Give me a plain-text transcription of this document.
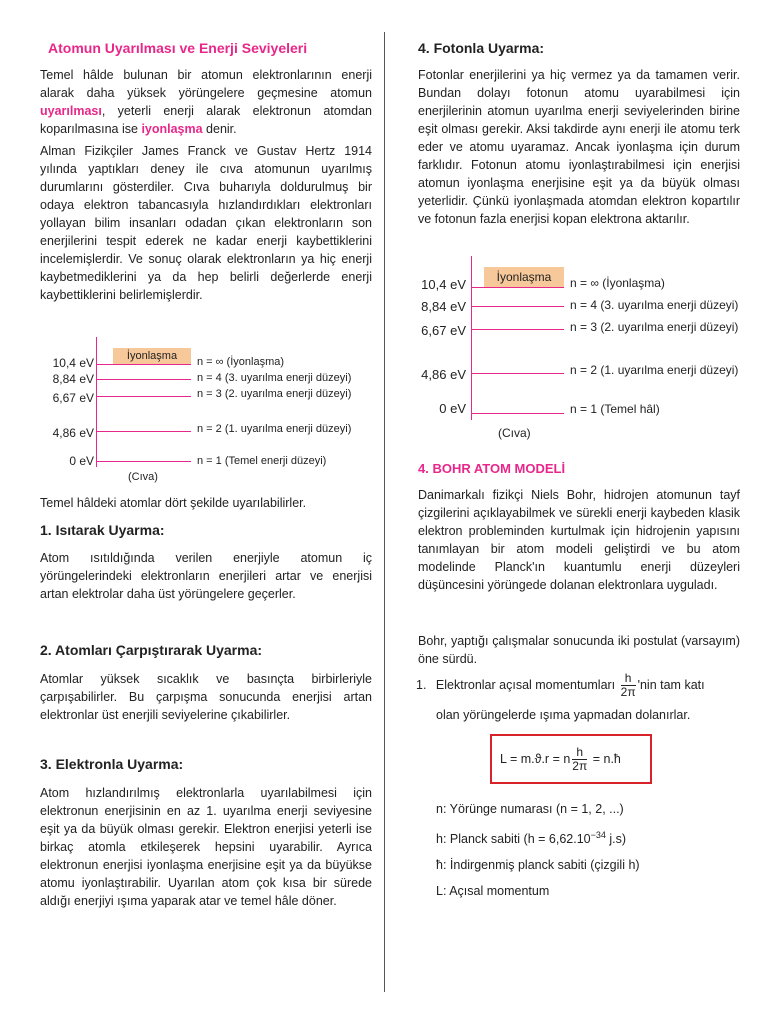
Atomun Uyarılması ve Enerji Seviyeleri

Temel hâlde bulunan bir atomun elektronlarının enerji alarak daha yüksek yörüngelere geçmesine atomun uyarılması, yeterli enerji alarak elektronun atomdan koparılmasına ise iyonlaşma denir.

Alman Fizikçiler James Franck ve Gustav Hertz 1914 yılında yaptıkları deney ile cıva atomunun uyarılmış durumlarını gösterdiler. Cıva buharıyla doldurulmuş bir odaya elektron tabancasıyla hızlandırdıkları elektronları yollayan bilim insanları odadan çıkan elektronların son enerjilerini tespit ederek ne kadar enerji kaybettiklerini incelemişlerdir. Ve sonuç olarak elektronların ya hiç enerji kaybetmediklerini ya da hep belirli değerlerde enerji kaybettiklerini belirlemişlerdir.

İyonlaşma
10,4 eV	n = ∞ (İyonlaşma)
8,84 eV	n = 4 (3. uyarılma enerji düzeyi)
6,67 eV	n = 3 (2. uyarılma enerji düzeyi)
4,86 eV	n = 2 (1. uyarılma enerji düzeyi)
0 eV	n = 1 (Temel enerji düzeyi)
(Cıva)

Temel hâldeki atomlar dört şekilde uyarılabilirler.

1. Isıtarak Uyarma:

Atom ısıtıldığında verilen enerjiyle atomun iç yörüngelerindeki elektronların enerjileri artar ve enerjisi artan elektrolar daha üst yörüngelere geçerler.

2. Atomları Çarpıştırarak Uyarma:

Atomlar yüksek sıcaklık ve basınçta birbirleriyle çarpışabilirler. Bu çarpışma sonucunda enerjisi artan elektronlar üst enerjili seviyelerine çıkabilirler.

3. Elektronla Uyarma:

Atom hızlandırılmış elektronlarla uyarılabilmesi için elektronun enerjisinin en az 1. uyarılma enerji seviyesine eşit ya da büyük olması gerekir. Elektron enerjisi yeterli ise birkaç atomla etkileşerek hepsini uyarabilir. Ayrıca elektronun enerjisi iyonlaşma enerjisine eşit ya da büyükse atomu iyonlaştırabilir. Uyarılan atom çok kısa bir sürede aldığı enerjiyi ışıma yaparak atar ve temel hâle döner.

4. Fotonla Uyarma:

Fotonlar enerjilerini ya hiç vermez ya da tamamen verir. Bundan dolayı fotonun atomu uyarabilmesi için enerjilerinin atomun uyarılma enerji seviyelerinden birine eşit olması gerekir. Aksi takdirde aynı enerji ile atomu terk eder ve atomu uyaramaz. Ancak iyonlaşma için durum farklıdır. Fotonun atomu iyonlaştırabilmesi için enerjisi atomun iyonlaşma enerjisine eşit ya da büyük olması yeterlidir. Çünkü iyonlaşmada atomdan elektron kopartılır ve fotonun fazla enerjisi kopan elektrona aktarılır.

İyonlaşma
10,4 eV	n = ∞ (İyonlaşma)
8,84 eV	n = 4 (3. uyarılma enerji düzeyi)
6,67 eV	n = 3 (2. uyarılma enerji düzeyi)
4,86 eV	n = 2 (1. uyarılma enerji düzeyi)
0 eV	n = 1 (Temel hâl)
(Cıva)
4. BOHR ATOM MODELİ

Danimarkalı fizikçi Niels Bohr, hidrojen atomunun tayf çizgilerini açıklayabilmek ve sürekli enerji kaybeden klasik elektron probleminden kurtulmak için hidrojenin yapısını tanımlayan bir atom modeli geliştirdi ve bu atom modelinde Planck'ın kuantumlu enerji düzeyleri düşüncesini yörüngede dolanan elektronlara uyguladı.

Bohr, yaptığı çalışmalar sonucunda iki postulat (varsayım) öne sürdü.

1. Elektronlar açısal momentumları $\frac{h}{2\pi}$ 'nin tam katı

olan yörüngelerde ışıma yapmadan dolanırlar.

L = m.ϑ.r = n $\frac{h}{2\pi}$ = n.ħ
n: Yörünge numarası (n = 1, 2, ...)
h: Planck sabiti ($h = 6,62.10^{-34}$ j.s)
ħ: İndirgenmiş planck sabiti (çizgili h)
L: Açısal momentum
